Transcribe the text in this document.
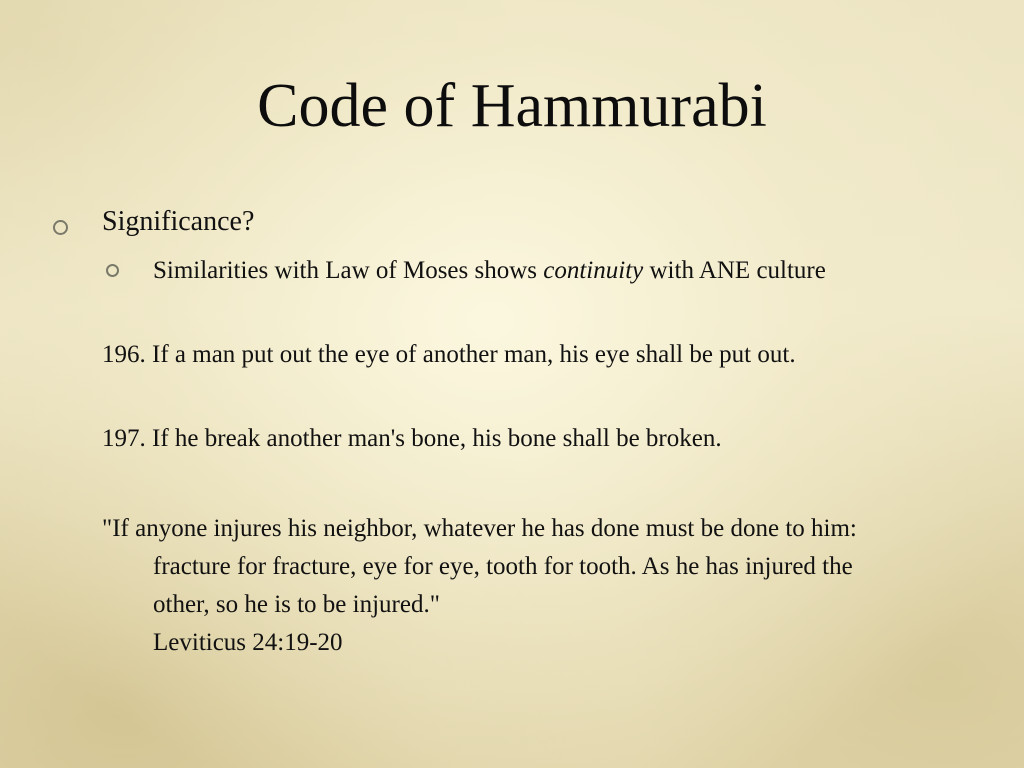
Code of Hammurabi
Significance?
Similarities with Law of Moses shows continuity with ANE culture
196. If a man put out the eye of another man, his eye shall be put out.
197. If he break another man's bone, his bone shall be broken.
"If anyone injures his neighbor, whatever he has done must be done to him: fracture for fracture, eye for eye, tooth for tooth. As he has injured the other, so he is to be injured."
Leviticus 24:19-20
